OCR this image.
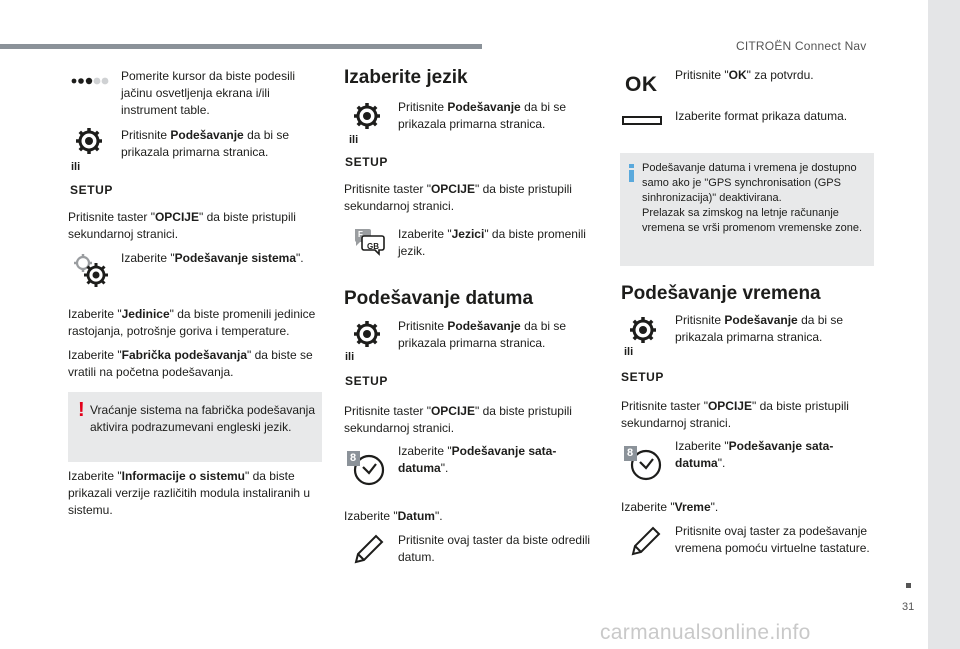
CITROËN Connect Nav
Pomerite kursor da biste podesili jačinu osvetljenja ekrana i/ili instrument table.
ili
SETUP
Pritisnite Podešavanje da bi se prikazala primarna stranica.
Pritisnite taster "OPCIJE" da biste pristupili sekundarnoj stranici.
Izaberite "Podešavanje sistema".
Izaberite "Jedinice" da biste promenili jedinice rastojanja, potrošnje goriva i temperature.
Izaberite "Fabrička podešavanja" da biste se vratili na početna podešavanja.
! Vraćanje sistema na fabrička podešavanja aktivira podrazumevani engleski jezik.
Izaberite "Informacije o sistemu" da biste prikazali verzije različitih modula instaliranih u sistemu.
Izaberite jezik
ili
SETUP
Pritisnite Podešavanje da bi se prikazala primarna stranica.
Pritisnite taster "OPCIJE" da biste pristupili sekundarnoj stranici.
F
GB
Izaberite "Jezici" da biste promenili jezik.
Podešavanje datuma
ili
SETUP
Pritisnite Podešavanje da bi se prikazala primarna stranica.
Pritisnite taster "OPCIJE" da biste pristupili sekundarnoj stranici.
8	Izaberite "Podešavanje sata-datuma".
Izaberite "Datum".
Pritisnite ovaj taster da biste odredili datum.
OK Pritisnite "OK" za potvrdu.
Izaberite format prikaza datuma.
Podešavanje datuma i vremena je dostupno samo ako je "GPS synchronisation (GPS sinhronizacija)" deaktivirana.
Prelazak sa zimskog na letnje računanje vremena se vrši promenom vremenske zone.
Podešavanje vremena
ili
SETUP
Pritisnite Podešavanje da bi se prikazala primarna stranica.
Pritisnite taster "OPCIJE" da biste pristupili sekundarnoj stranici.
8	Izaberite "Podešavanje sata-datuma".
Izaberite "Vreme".
Pritisnite ovaj taster za podešavanje vremena pomoću virtuelne tastature.
31
carmanualsonline.info
